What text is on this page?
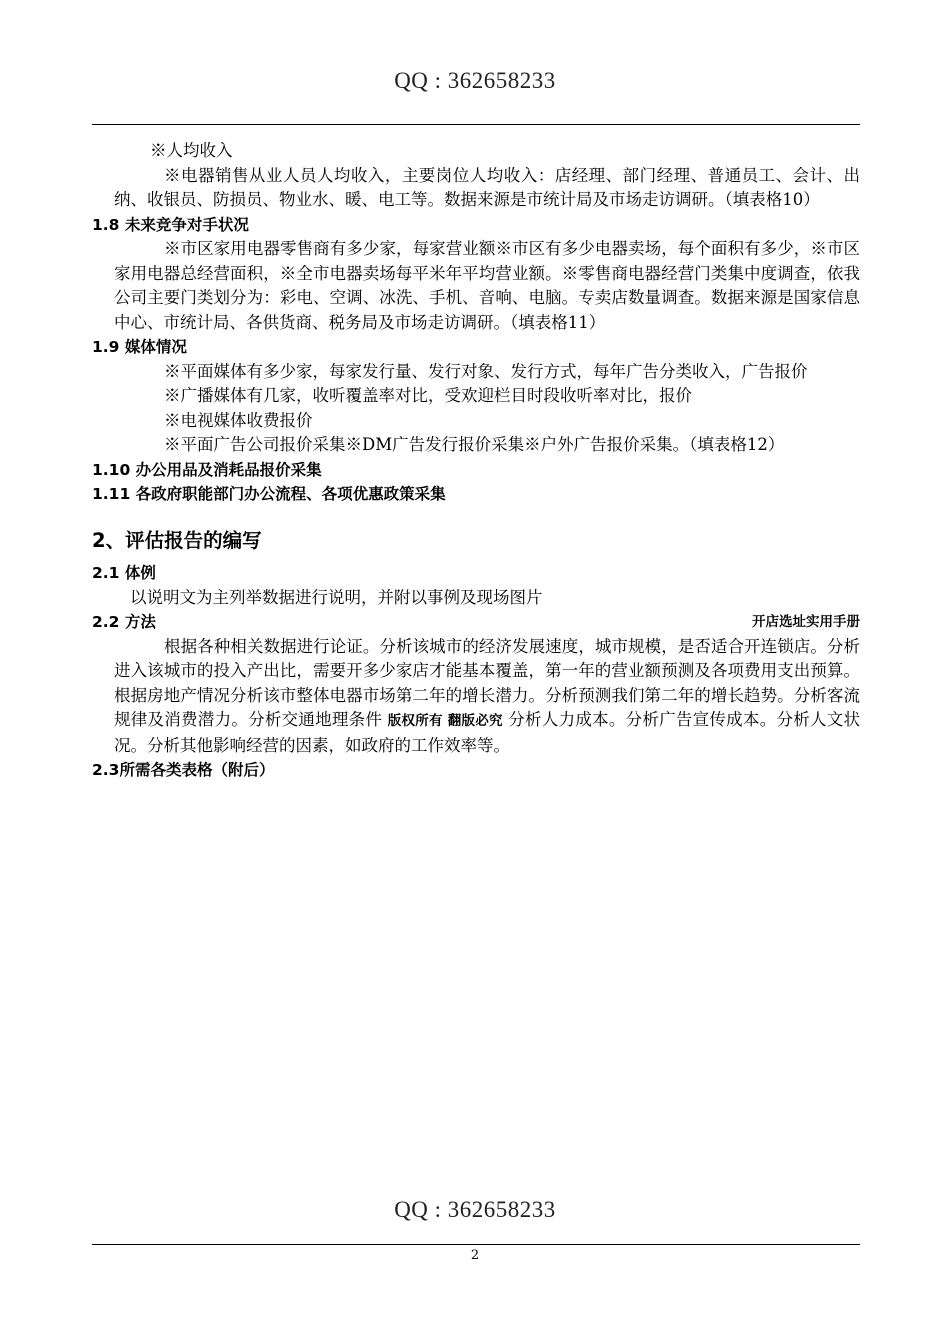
QQ : 362658233

※人均收入

※电器销售从业人员人均收入，主要岗位人均收入：店经理、部门经理、普通员工、会计、出纳、收银员、防损员、物业水、暖、电工等。数据来源是市统计局及市场走访调研。（填表格10）

1.8 未来竞争对手状况

※市区家用电器零售商有多少家，每家营业额※市区有多少电器卖场，每个面积有多少，※市区家用电器总经营面积，※全市电器卖场每平米年平均营业额。※零售商电器经营门类集中度调查，依我公司主要门类划分为：彩电、空调、冰洗、手机、音响、电脑。专卖店数量调查。数据来源是国家信息中心、市统计局、各供货商、税务局及市场走访调研。（填表格11）

1.9 媒体情况

※平面媒体有多少家，每家发行量、发行对象、发行方式，每年广告分类收入，广告报价

※广播媒体有几家，收听覆盖率对比，受欢迎栏目时段收听率对比，报价

※电视媒体收费报价

※平面广告公司报价采集※DM广告发行报价采集※户外广告报价采集。（填表格12）

1.10 办公用品及消耗品报价采集

1.11 各政府职能部门办公流程、各项优惠政策采集

2、评估报告的编写

2.1 体例

以说明文为主列举数据进行说明，并附以事例及现场图片

2.2 方法	开店选址实用手册

根据各种相关数据进行论证。分析该城市的经济发展速度，城市规模，是否适合开连锁店。分析进入该城市的投入产出比，需要开多少家店才能基本覆盖，第一年的营业额预测及各项费用支出预算。根据房地产情况分析该市整体电器市场第二年的增长潜力。分析预测我们第二年的增长趋势。分析客流规律及消费潜力。分析交通地理条件 版权所有 翻版必究 分析人力成本。分析广告宣传成本。分析人文状况。分析其他影响经营的因素，如政府的工作效率等。

2.3所需各类表格（附后）

QQ : 362658233
2
